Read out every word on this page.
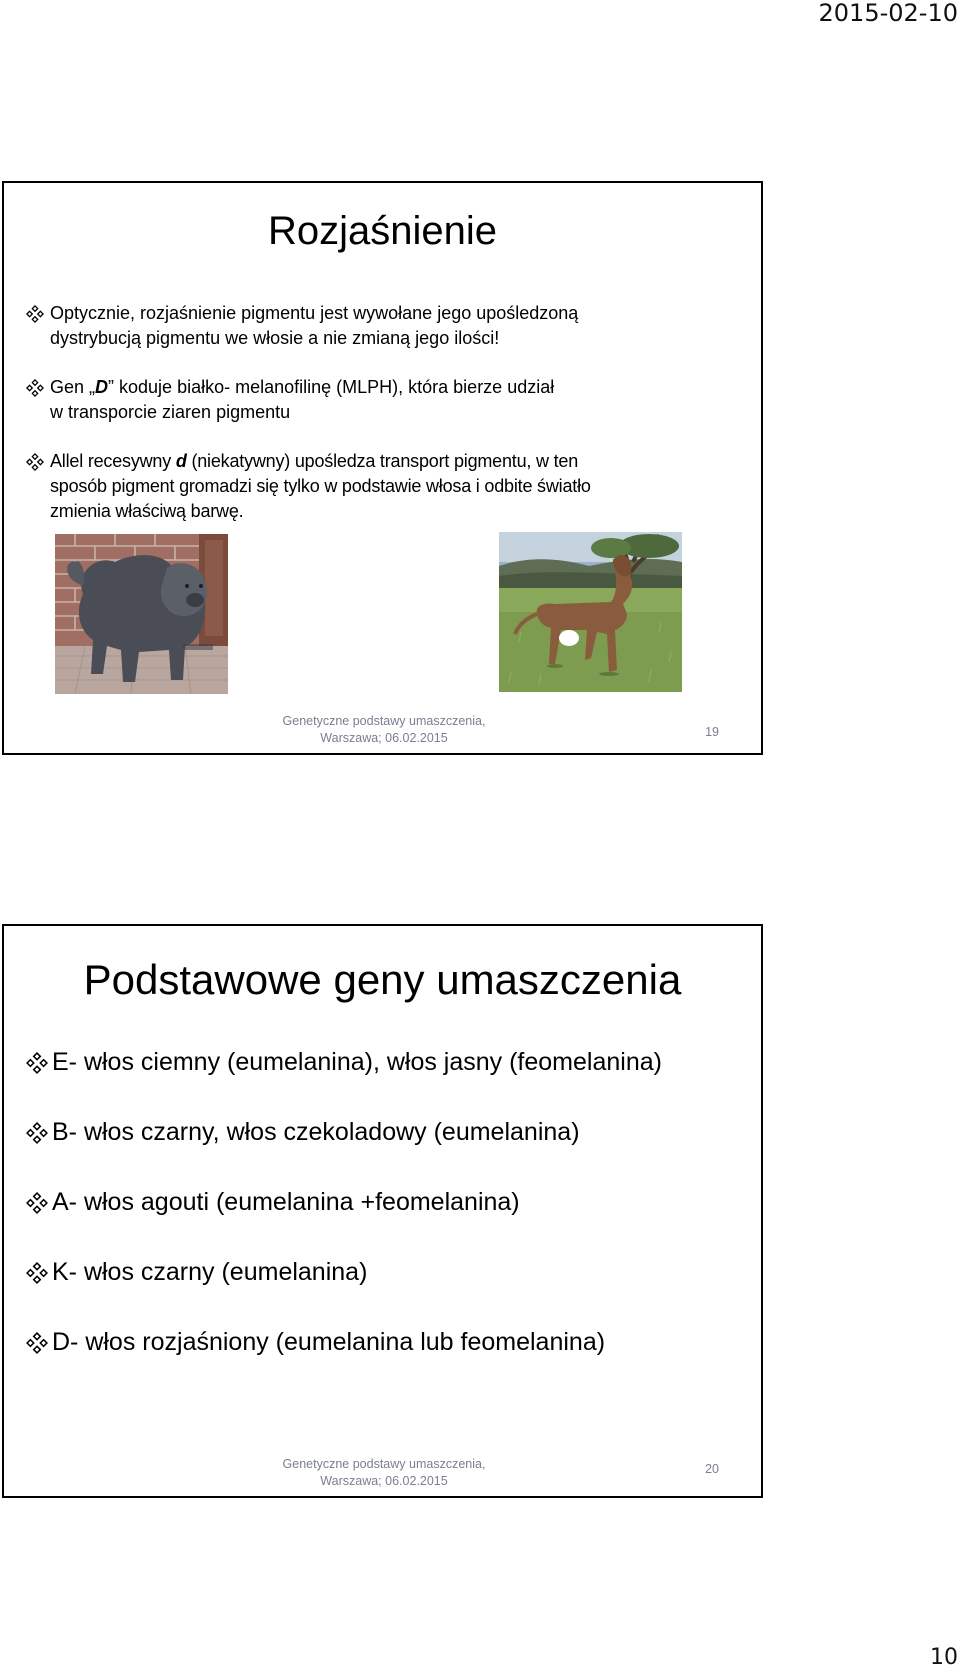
2015-02-10
Rozjaśnienie
Optycznie, rozjaśnienie pigmentu jest wywołane jego upośledzoną
dystrybucją pigmentu we włosie a nie zmianą jego ilości!
Gen „D” koduje białko- melanofilinę (MLPH), która bierze udział
w transporcie ziaren pigmentu
Allel recesywny d (niekatywny) upośledza transport pigmentu, w ten
sposób pigment gromadzi się tylko w podstawie włosa i odbite światło
zmienia właściwą barwę.
Genetyczne podstawy umaszczenia,
Warszawa; 06.02.2015	19
Podstawowe geny umaszczenia
E- włos ciemny (eumelanina), włos jasny (feomelanina)
B- włos czarny, włos czekoladowy (eumelanina)
A- włos agouti (eumelanina +feomelanina)
K- włos czarny (eumelanina)
D- włos rozjaśniony (eumelanina lub feomelanina)
Genetyczne podstawy umaszczenia,
Warszawa; 06.02.2015
20
10
